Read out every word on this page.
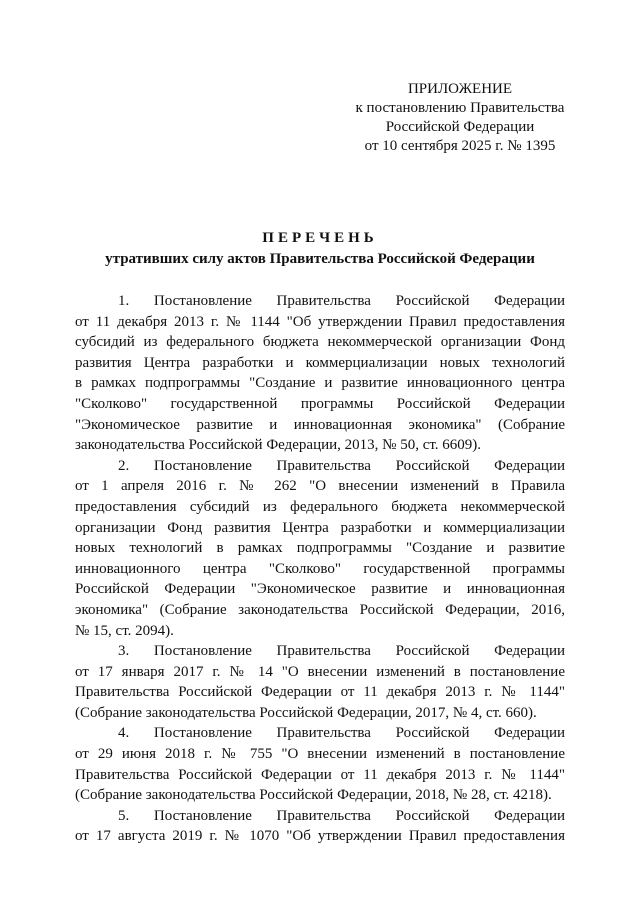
ПРИЛОЖЕНИЕ
к постановлению Правительства
Российской Федерации
от 10 сентября 2025 г. № 1395
ПЕРЕЧЕНЬ
утративших силу актов Правительства Российской Федерации
1. Постановление Правительства Российской Федерации
от 11 декабря 2013 г. № 1144 "Об утверждении Правил предоставления
субсидий из федерального бюджета некоммерческой организации Фонд
развития Центра разработки и коммерциализации новых технологий
в рамках подпрограммы "Создание и развитие инновационного центра
"Сколково" государственной программы Российской Федерации
"Экономическое развитие и инновационная экономика" (Собрание
законодательства Российской Федерации, 2013, № 50, ст. 6609).
2. Постановление Правительства Российской Федерации
от 1 апреля 2016 г. № 262 "О внесении изменений в Правила
предоставления субсидий из федерального бюджета некоммерческой
организации Фонд развития Центра разработки и коммерциализации
новых технологий в рамках подпрограммы "Создание и развитие
инновационного центра "Сколково" государственной программы
Российской Федерации "Экономическое развитие и инновационная
экономика" (Собрание законодательства Российской Федерации, 2016,
№ 15, ст. 2094).
3. Постановление Правительства Российской Федерации
от 17 января 2017 г. № 14 "О внесении изменений в постановление
Правительства Российской Федерации от 11 декабря 2013 г. № 1144"
(Собрание законодательства Российской Федерации, 2017, № 4, ст. 660).
4. Постановление Правительства Российской Федерации
от 29 июня 2018 г. № 755 "О внесении изменений в постановление
Правительства Российской Федерации от 11 декабря 2013 г. № 1144"
(Собрание законодательства Российской Федерации, 2018, № 28, ст. 4218).
5. Постановление Правительства Российской Федерации
от 17 августа 2019 г. № 1070 "Об утверждении Правил предоставления
